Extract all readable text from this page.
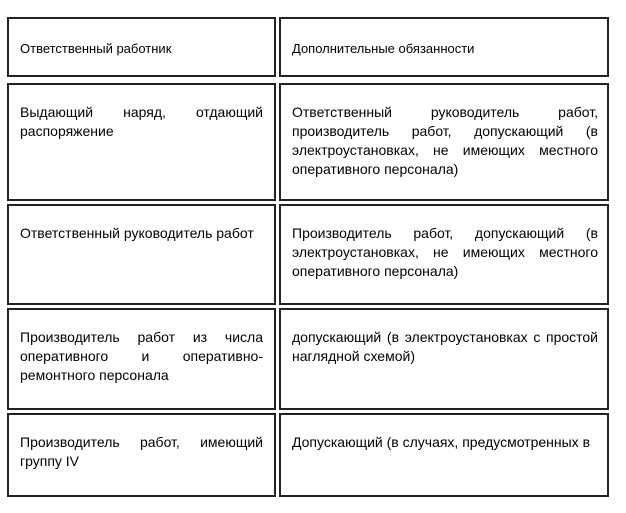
Ответственный работник	Дополнительные обязанности
Выдающий наряд, отдающий распоряжение
Ответственный руководитель работ, производитель работ, допускающий (в электроустановках, не имеющих местного оперативного персонала)
Ответственный руководитель работ	Производитель работ, допускающий (в электроустановках, не имеющих местного оперативного персонала)
Производитель работ из числа оперативного и оперативно-ремонтного персонала
допускающий (в электроустановках с простой наглядной схемой)
Производитель работ, имеющий группу IV
Допускающий (в случаях, предусмотренных в
